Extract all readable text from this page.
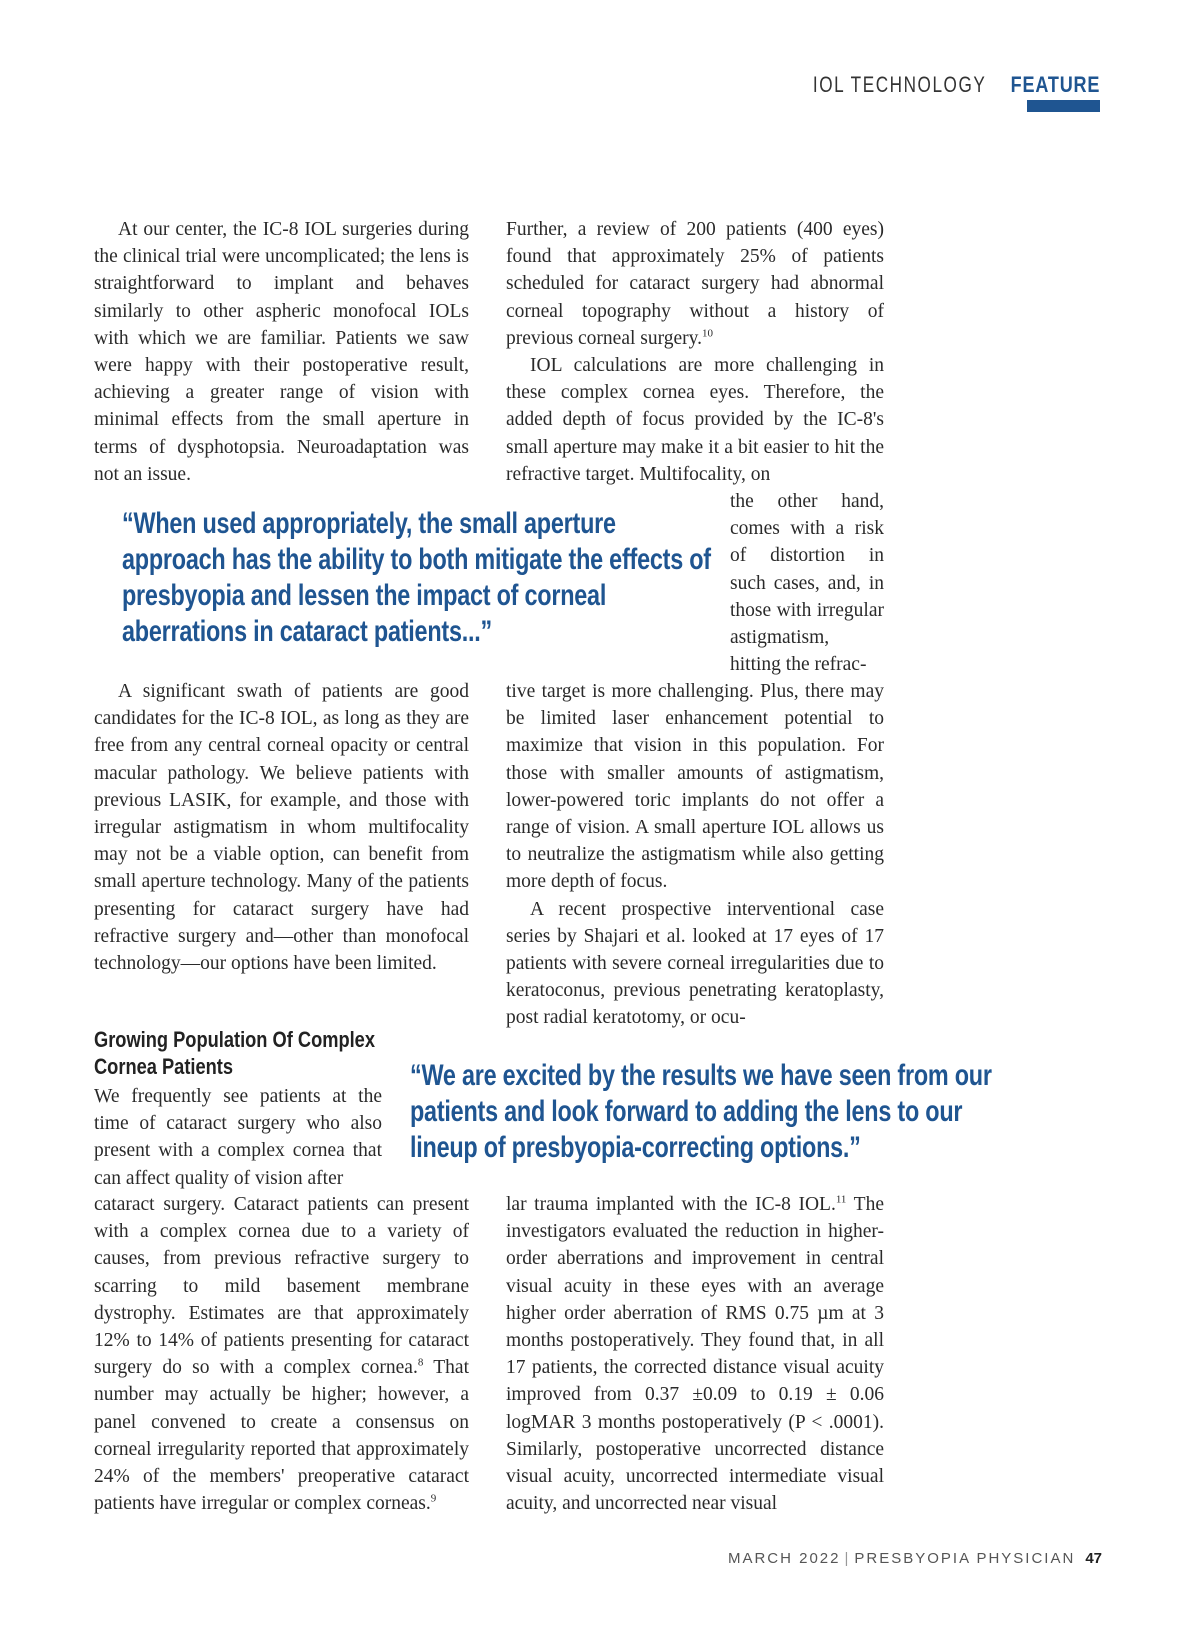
IOL TECHNOLOGY FEATURE

At our center, the IC-8 IOL surgeries during the clinical trial were uncomplicated; the lens is straightforward to implant and behaves similarly to other aspheric monofocal IOLs with which we are familiar. Patients we saw were happy with their postoperative result, achieving a greater range of vision with minimal effects from the small aperture in terms of dysphotopsia. Neuroadaptation was not an issue.

Further, a review of 200 patients (400 eyes) found that approximately 25% of patients scheduled for cataract surgery had abnormal corneal topography without a history of previous corneal surgery.$^{10}$

IOL calculations are more challenging in these complex cornea eyes. Therefore, the added depth of focus provided by the IC-8's small aperture may make it a bit easier to hit the refractive target. Multifocality, on

the other hand, comes with a risk of distortion in such cases, and, in those with irregular astigmatism, hitting the refrac-

“When used appropriately, the small aperture approach has the ability to both mitigate the effects of presbyopia and lessen the impact of corneal aberrations in cataract patients...”

A significant swath of patients are good candidates for the IC-8 IOL, as long as they are free from any central corneal opacity or central macular pathology. We believe patients with previous LASIK, for example, and those with irregular astigmatism in whom multifocality may not be a viable option, can benefit from small aperture technology. Many of the patients presenting for cataract surgery have had refractive surgery and—other than monofocal technology—our options have been limited.

tive target is more challenging. Plus, there may be limited laser enhancement potential to maximize that vision in this population. For those with smaller amounts of astigmatism, lower-powered toric implants do not offer a range of vision. A small aperture IOL allows us to neutralize the astigmatism while also getting more depth of focus.

A recent prospective interventional case series by Shajari et al. looked at 17 eyes of 17 patients with severe corneal irregularities due to keratoconus, previous penetrating keratoplasty, post radial keratotomy, or ocu-

Growing Population Of Complex Cornea Patients

We frequently see patients at the time of cataract surgery who also present with a complex cornea that can affect quality of vision after

“We are excited by the results we have seen from our patients and look forward to adding the lens to our lineup of presbyopia-correcting options.”

cataract surgery. Cataract patients can present with a complex cornea due to a variety of causes, from previous refractive surgery to scarring to mild basement membrane dystrophy. Estimates are that approximately 12% to 14% of patients presenting for cataract surgery do so with a complex cornea.$^8$ That number may actually be higher; however, a panel convened to create a consensus on corneal irregularity reported that approximately 24% of the members' preoperative cataract patients have irregular or complex corneas.$^9$

lar trauma implanted with the IC-8 IOL.$^{11}$ The investigators evaluated the reduction in higher-order aberrations and improvement in central visual acuity in these eyes with an average higher order aberration of RMS 0.75 µm at 3 months postoperatively. They found that, in all 17 patients, the corrected distance visual acuity improved from 0.37 ±0.09 to 0.19 ± 0.06 logMAR 3 months postoperatively (P < .0001). Similarly, postoperative uncorrected distance visual acuity, uncorrected intermediate visual acuity, and uncorrected near visual

MARCH 2022 | PRESBYOPIA PHYSICIAN 47
